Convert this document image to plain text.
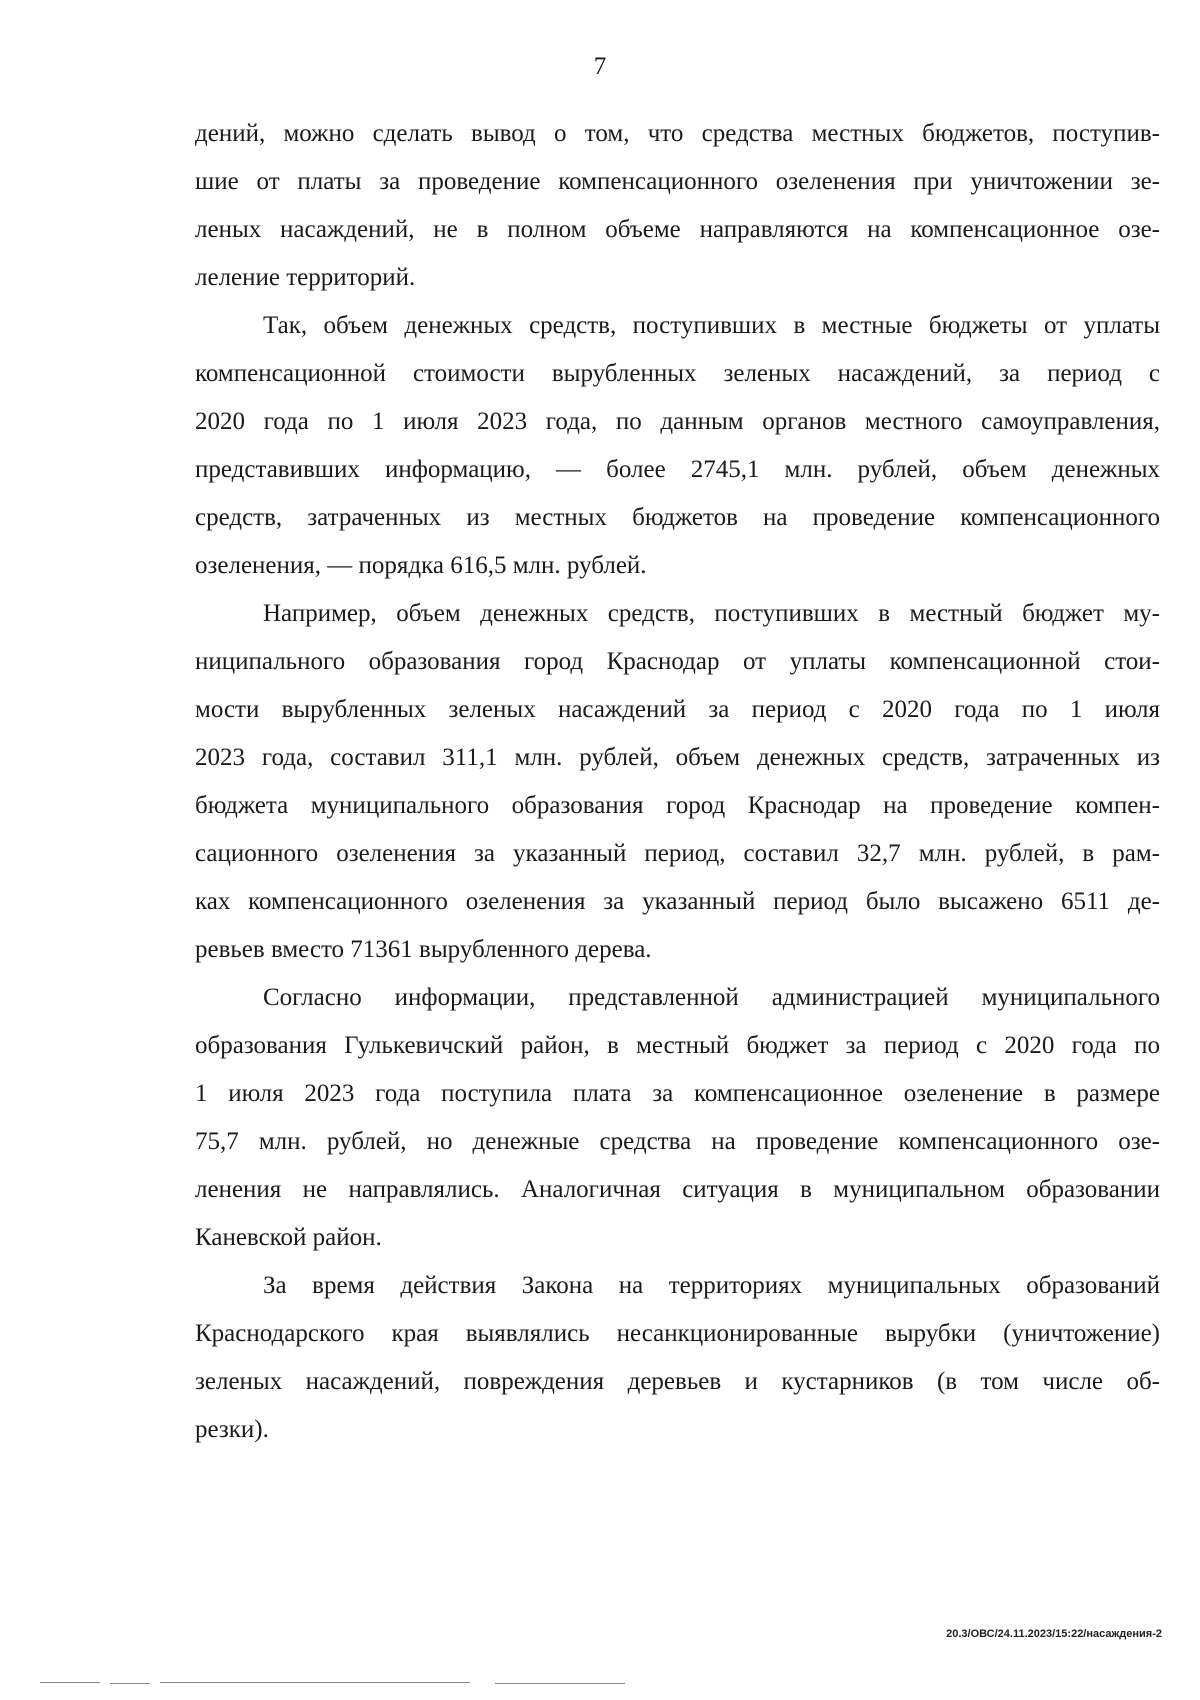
7
дений, можно сделать вывод о том, что средства местных бюджетов, поступив-
шие от платы за проведение компенсационного озеленения при уничтожении зе-
леных насаждений, не в полном объеме направляются на компенсационное озе-
леление территорий.
Так, объем денежных средств, поступивших в местные бюджеты от уплаты
компенсационной стоимости вырубленных зеленых насаждений, за период с
2020 года по 1 июля 2023 года, по данным органов местного самоуправления,
представивших информацию, — более 2745,1 млн. рублей, объем денежных
средств, затраченных из местных бюджетов на проведение компенсационного
озеленения, — порядка 616,5 млн. рублей.
Например, объем денежных средств, поступивших в местный бюджет му-
ниципального образования город Краснодар от уплаты компенсационной стои-
мости вырубленных зеленых насаждений за период с 2020 года по 1 июля
2023 года, составил 311,1 млн. рублей, объем денежных средств, затраченных из
бюджета муниципального образования город Краснодар на проведение компен-
сационного озеленения за указанный период, составил 32,7 млн. рублей, в рам-
ках компенсационного озеленения за указанный период было высажено 6511 де-
ревьев вместо 71361 вырубленного дерева.
Согласно информации, представленной администрацией муниципального
образования Гулькевичский район, в местный бюджет за период с 2020 года по
1 июля 2023 года поступила плата за компенсационное озеленение в размере
75,7 млн. рублей, но денежные средства на проведение компенсационного озе-
ленения не направлялись. Аналогичная ситуация в муниципальном образовании
Каневской район.
За время действия Закона на территориях муниципальных образований
Краснодарского края выявлялись несанкционированные вырубки (уничтожение)
зеленых насаждений, повреждения деревьев и кустарников (в том числе об-
резки).
20.3/ОВС/24.11.2023/15:22/насаждения-2
